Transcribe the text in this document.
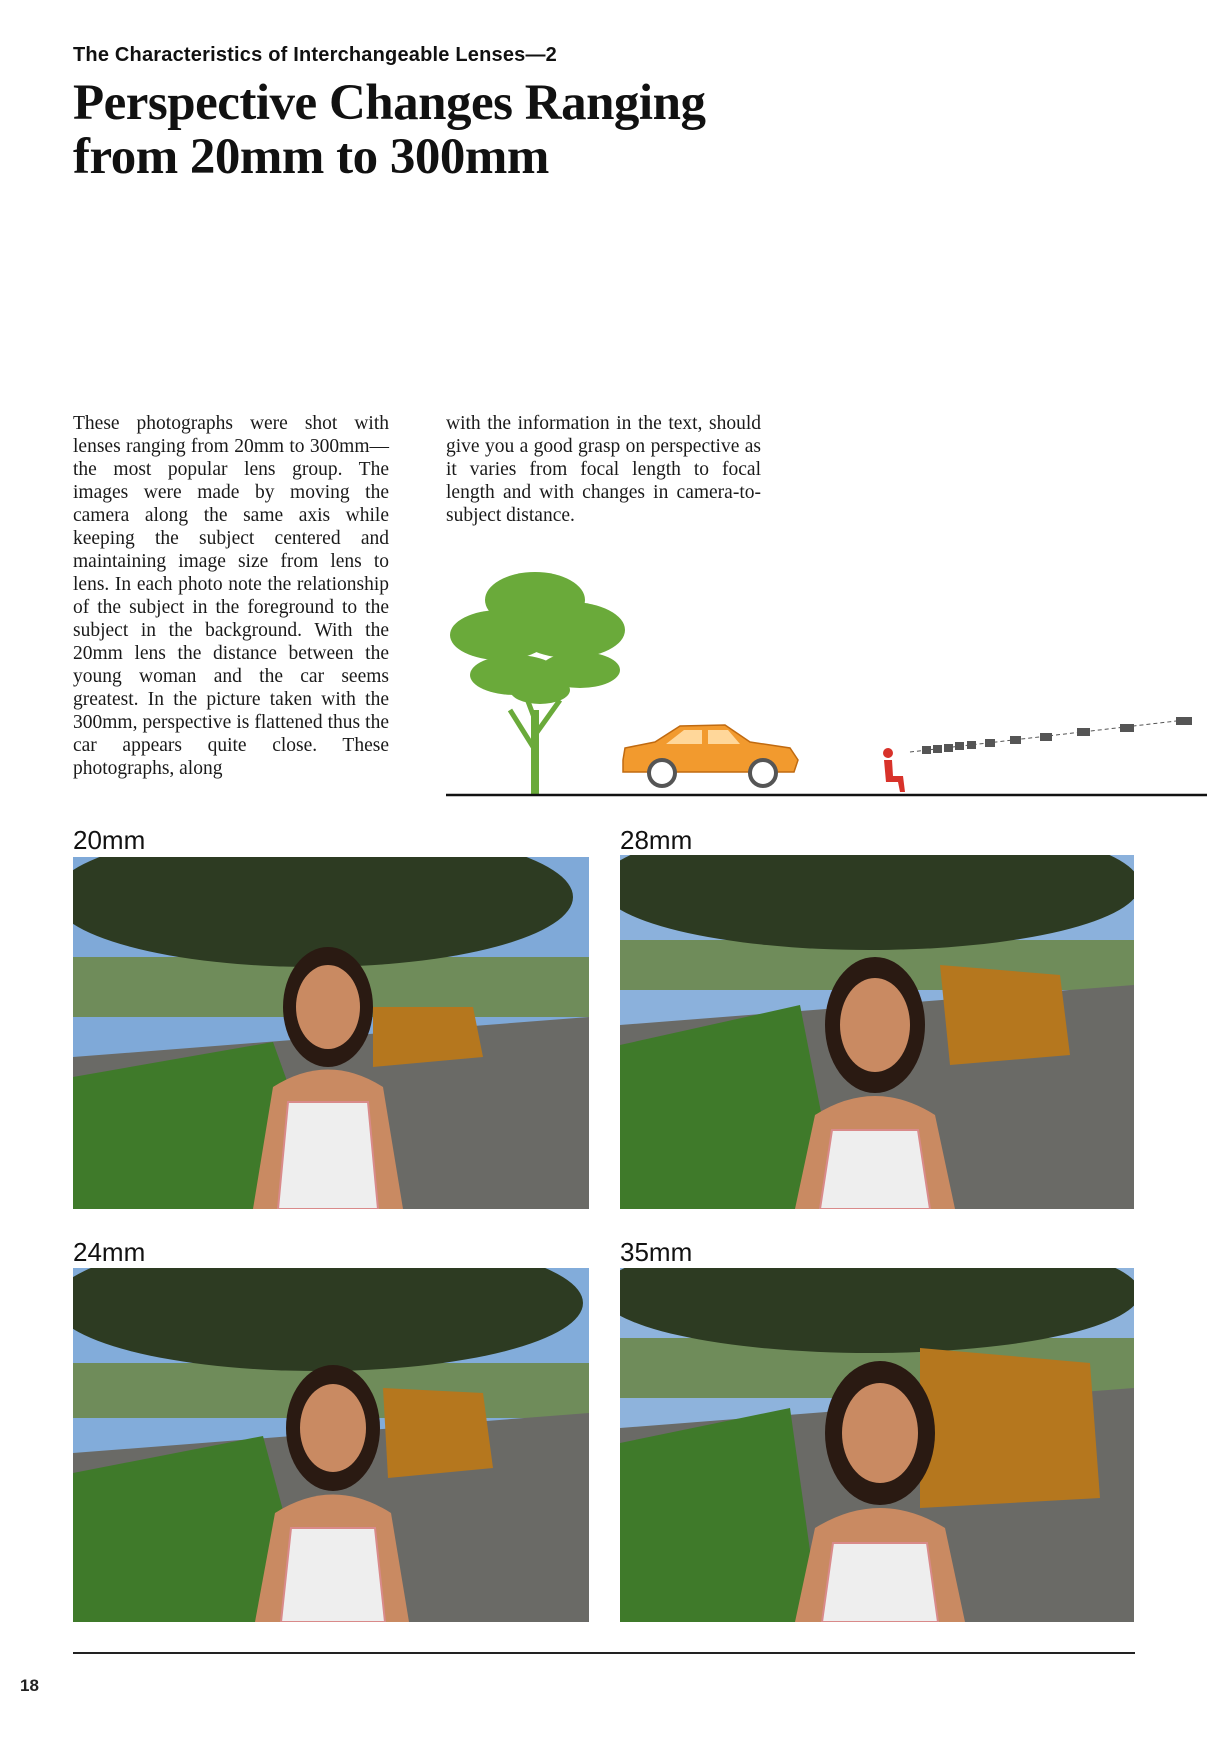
The Characteristics of Interchangeable Lenses—2
Perspective Changes Ranging
from 20mm to 300mm

These photographs were shot with lenses ranging from 20mm to 300mm—the most popular lens group. The images were made by moving the camera along the same axis while keeping the subject centered and maintaining image size from lens to lens. In each photo note the relationship of the subject in the foreground to the subject in the background. With the 20mm lens the distance between the young woman and the car seems greatest. In the picture taken with the 300mm, perspective is flattened thus the car appears quite close. These photographs, along

with the information in the text, should give you a good grasp on perspective as it varies from focal length to focal length and with changes in camera-to-subject distance.

20mm	28mm
24mm	35mm
18
